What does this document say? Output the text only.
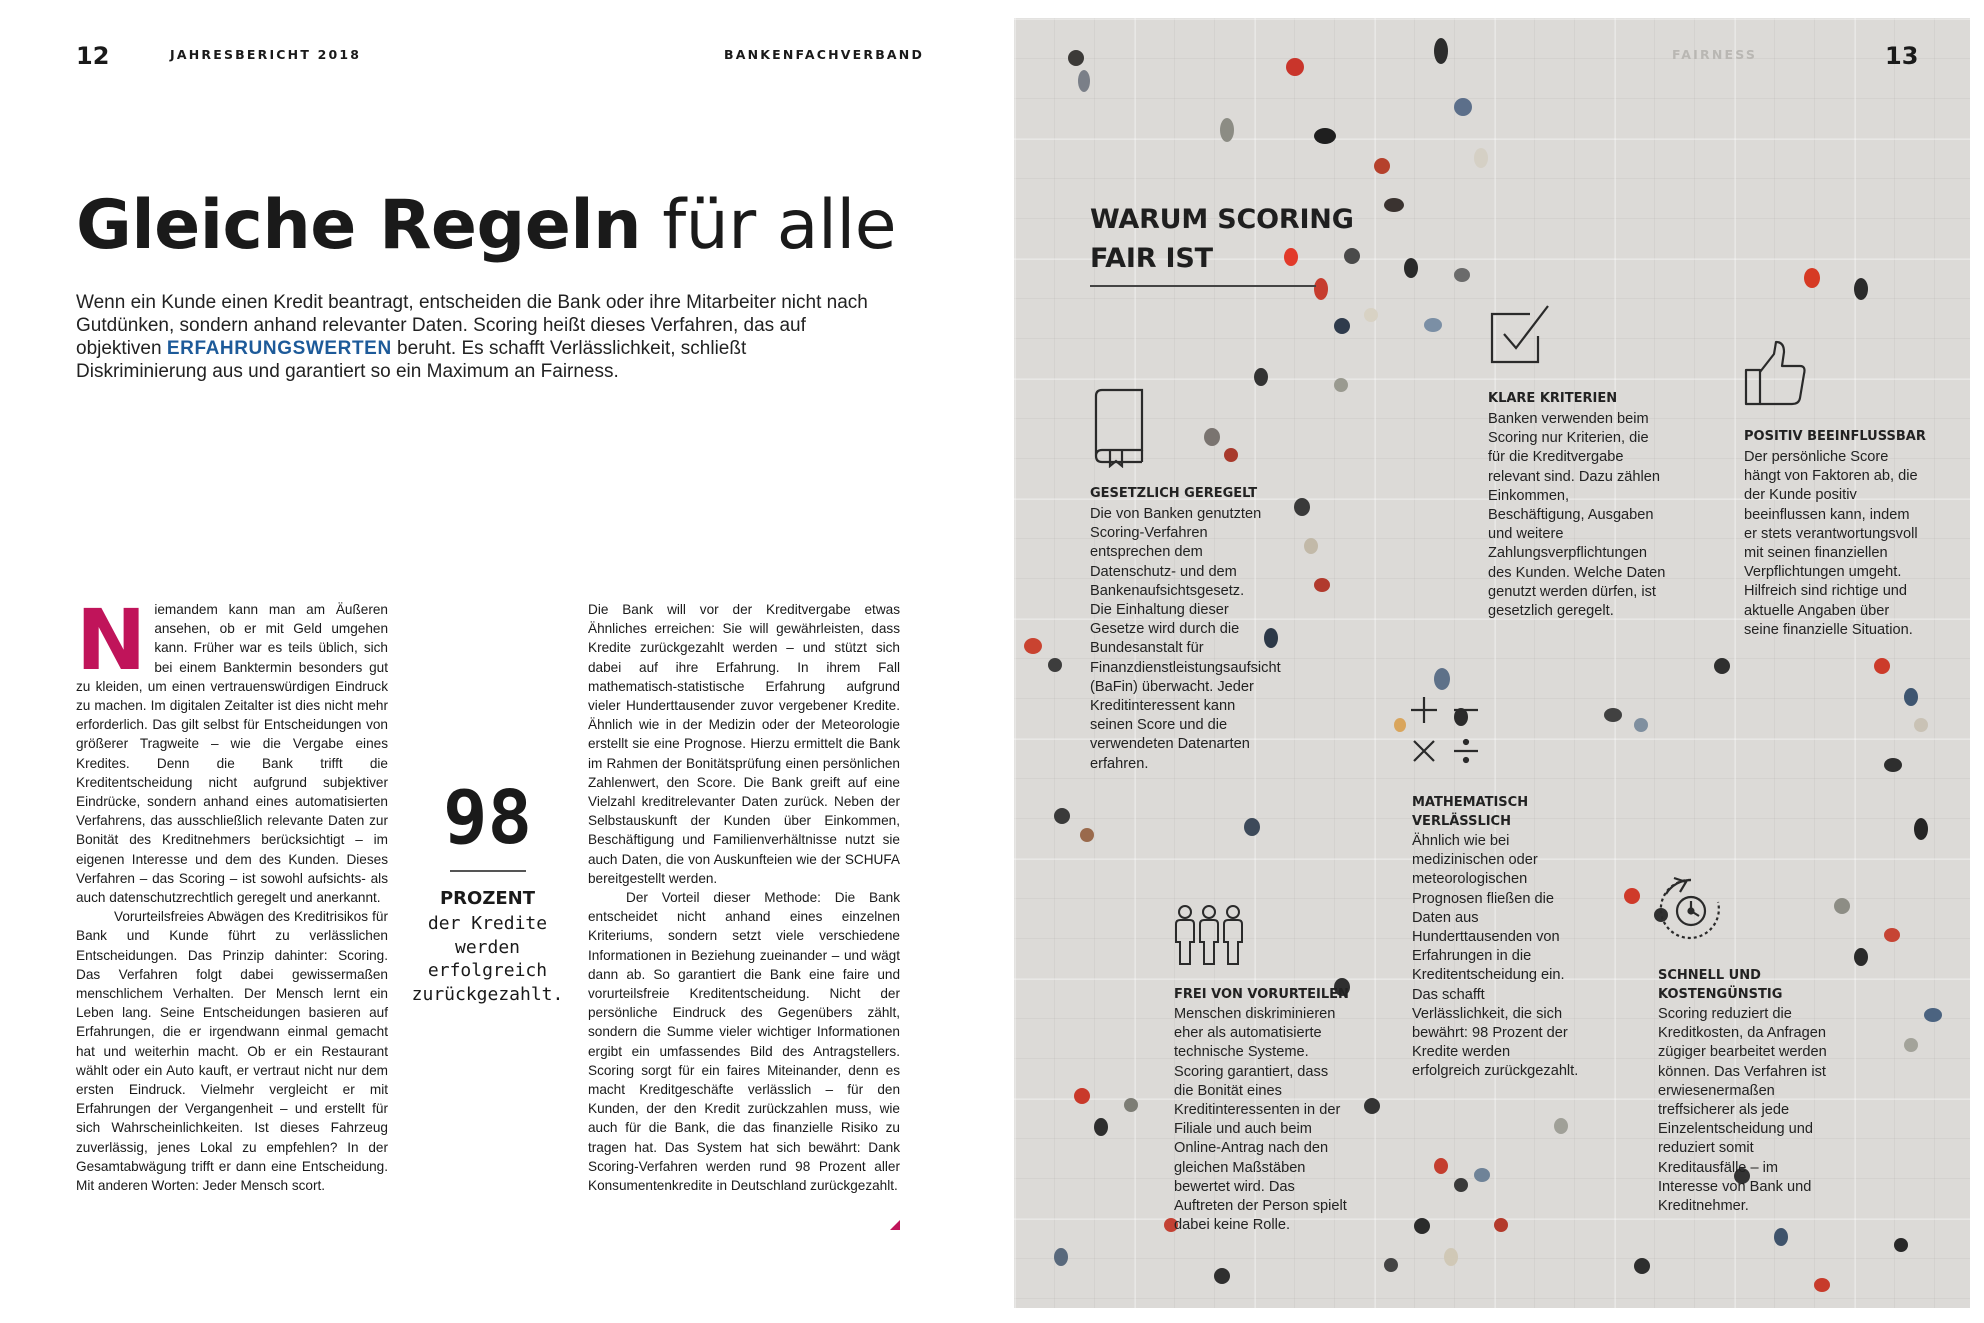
12	JAHRESBERICHT 2018	BANKENFACHVERBAND
Gleiche Regeln für alle
Wenn ein Kunde einen Kredit beantragt, entscheiden die Bank oder ihre Mitarbeiter nicht nach Gutdünken, sondern anhand relevanter Daten. Scoring heißt dieses Verfahren, das auf objektiven ERFAHRUNGSWERTEN beruht. Es schafft Verlässlichkeit, schließt Diskriminierung aus und garantiert so ein Maximum an Fairness.

Niemandem kann man am Äußeren ansehen, ob er mit Geld umgehen kann. Früher war es teils üblich, sich bei einem Banktermin besonders gut zu kleiden, um einen vertrauenswürdigen Eindruck zu machen. Im digitalen Zeitalter ist dies nicht mehr erforderlich. Das gilt selbst für Entscheidungen von größerer Tragweite – wie die Vergabe eines Kredites. Denn die Bank trifft die Kreditentscheidung nicht aufgrund subjektiver Eindrücke, sondern anhand eines automatisierten Verfahrens, das ausschließlich relevante Daten zur Bonität des Kreditnehmers berücksichtigt – im eigenen Interesse und dem des Kunden. Dieses Verfahren – das Scoring – ist sowohl aufsichts- als auch datenschutzrechtlich geregelt und anerkannt.

Vorurteilsfreies Abwägen des Kreditrisikos für Bank und Kunde führt zu verlässlichen Entscheidungen. Das Prinzip dahinter: Scoring. Das Verfahren folgt dabei gewissermaßen menschlichem Verhalten. Der Mensch lernt ein Leben lang. Seine Entscheidungen basieren auf Erfahrungen, die er irgendwann einmal gemacht hat und weiterhin macht. Ob er ein Restaurant wählt oder ein Auto kauft, er vertraut nicht nur dem ersten Eindruck. Vielmehr vergleicht er mit Erfahrungen der Vergangenheit – und erstellt für sich Wahrscheinlichkeiten. Ist dieses Fahrzeug zuverlässig, jenes Lokal zu empfehlen? In der Gesamtabwägung trifft er dann eine Entscheidung. Mit anderen Worten: Jeder Mensch scort.

98
PROZENT
der Kredite werden erfolgreich zurückgezahlt.

Die Bank will vor der Kreditvergabe etwas Ähnliches erreichen: Sie will gewährleisten, dass Kredite zurückgezahlt werden – und stützt sich dabei auf ihre Erfahrung. In ihrem Fall mathematisch-statistische Erfahrung aufgrund vieler Hunderttausender zuvor vergebener Kredite. Ähnlich wie in der Medizin oder der Meteorologie erstellt sie eine Prognose. Hierzu ermittelt die Bank im Rahmen der Bonitätsprüfung einen persönlichen Zahlenwert, den Score. Die Bank greift auf eine Vielzahl kreditrelevanter Daten zurück. Neben der Selbstauskunft der Kunden über Einkommen, Beschäftigung und Familienverhältnisse nutzt sie auch Daten, die von Auskunfteien wie der SCHUFA bereitgestellt werden.

Der Vorteil dieser Methode: Die Bank entscheidet nicht anhand eines einzelnen Kriteriums, sondern setzt viele verschiedene Informationen in Beziehung zueinander – und wägt dann ab. So garantiert die Bank eine faire und vorurteilsfreie Kreditentscheidung. Nicht der persönliche Eindruck des Gegenübers zählt, sondern die Summe vieler wichtiger Informationen ergibt ein umfassendes Bild des Antragstellers. Scoring sorgt für ein faires Miteinander, denn es macht Kreditgeschäfte verlässlich – für den Kunden, der den Kredit zurückzahlen muss, wie auch für die Bank, die das finanzielle Risiko zu tragen hat. Das System hat sich bewährt: Dank Scoring-Verfahren werden rund 98 Prozent aller Konsumentenkredite in Deutschland zurückgezahlt.

FAIRNESS	13
WARUM SCORING
FAIR IST
GESETZLICH GEREGELT
Die von Banken genutzten Scoring-Verfahren entsprechen dem Datenschutz- und dem Bankenaufsichtsgesetz. Die Einhaltung dieser Gesetze wird durch die Bundesanstalt für Finanzdienstleistungsaufsicht (BaFin) überwacht. Jeder Kreditinteressent kann seinen Score und die verwendeten Datenarten erfahren.
KLARE KRITERIEN
Banken verwenden beim Scoring nur Kriterien, die für die Kreditvergabe relevant sind. Dazu zählen Einkommen, Beschäftigung, Ausgaben und weitere Zahlungsverpflichtungen des Kunden. Welche Daten genutzt werden dürfen, ist gesetzlich geregelt.
POSITIV BEEINFLUSSBAR
Der persönliche Score hängt von Faktoren ab, die der Kunde positiv beeinflussen kann, indem er stets verantwortungsvoll mit seinen finanziellen Verpflichtungen umgeht. Hilfreich sind richtige und aktuelle Angaben über seine finanzielle Situation.
MATHEMATISCH VERLÄSSLICH
Ähnlich wie bei medizinischen oder meteorologischen Prognosen fließen die Daten aus Hunderttausenden von Erfahrungen in die Kreditentscheidung ein. Das schafft Verlässlichkeit, die sich bewährt: 98 Prozent der Kredite werden erfolgreich zurückgezahlt.
FREI VON VORURTEILEN
Menschen diskriminieren eher als automatisierte technische Systeme. Scoring garantiert, dass die Bonität eines Kreditinteressenten in der Filiale und auch beim Online-Antrag nach den gleichen Maßstäben bewertet wird. Das Auftreten der Person spielt dabei keine Rolle.
SCHNELL UND KOSTENGÜNSTIG
Scoring reduziert die Kreditkosten, da Anfragen zügiger bearbeitet werden können. Das Verfahren ist erwiesenermaßen treffsicherer als jede Einzelentscheidung und reduziert somit Kreditausfälle – im Interesse von Bank und Kreditnehmer.
